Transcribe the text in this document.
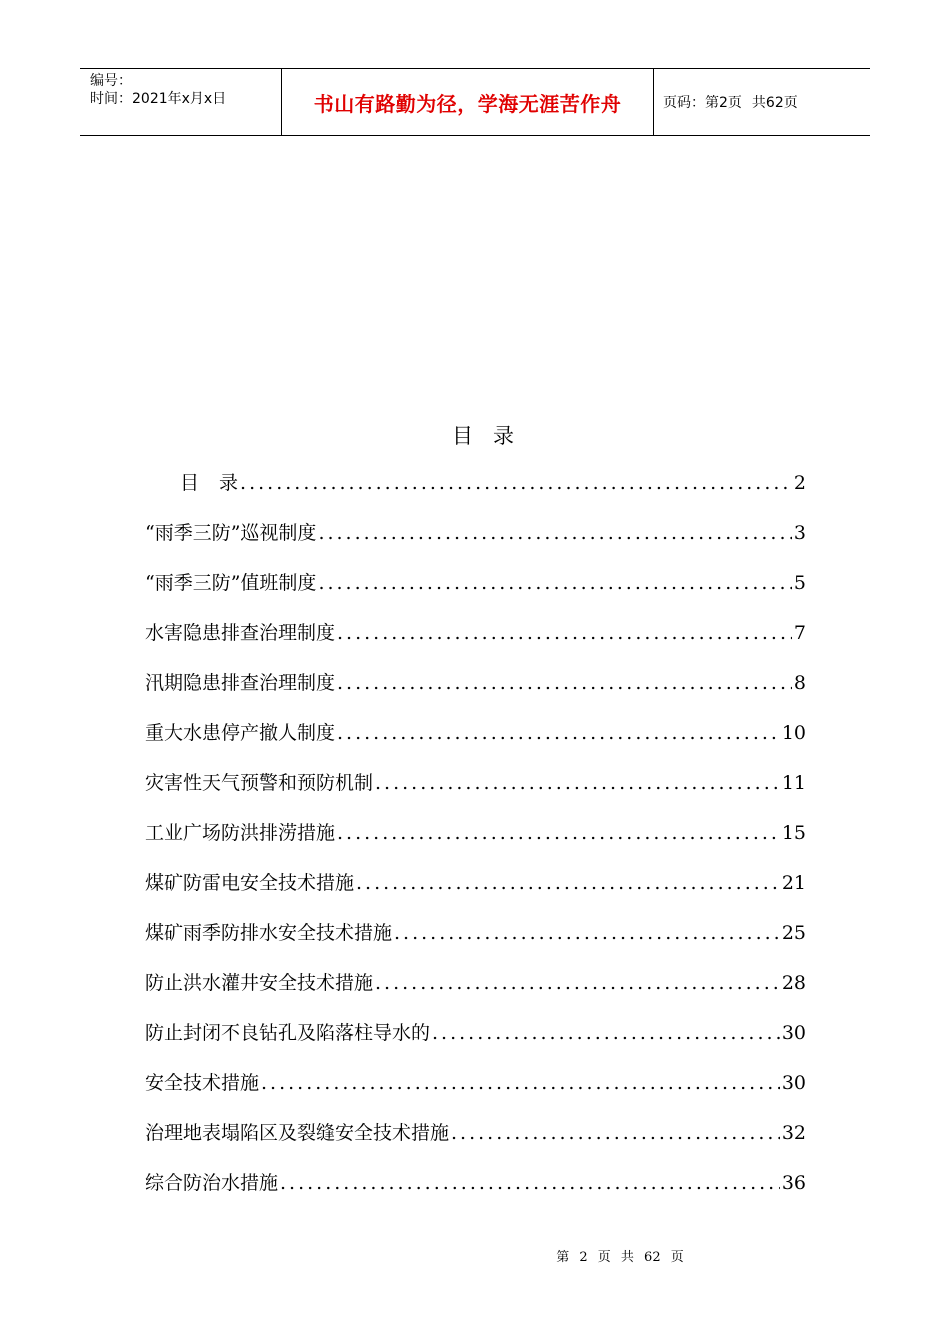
编号：
时间：2021年x月x日	书山有路勤为径，学海无涯苦作舟	页码：第2页 共62页
目录
目 录 .....	2
“雨季三防”巡视制度 .....	3
“雨季三防”值班制度 .....	5
水害隐患排查治理制度 .....	7
汛期隐患排查治理制度 .....	8
重大水患停产撤人制度 .....	10
灾害性天气预警和预防机制 .....	11
工业广场防洪排涝措施 .....	15
煤矿防雷电安全技术措施 .....	21
煤矿雨季防排水安全技术措施 .....	25
防止洪水灌井安全技术措施 .....	28
防止封闭不良钻孔及陷落柱导水的 .....	30
安全技术措施 .....	30
治理地表塌陷区及裂缝安全技术措施 .....	32
综合防治水措施 .....	36
第 2 页 共 62 页
